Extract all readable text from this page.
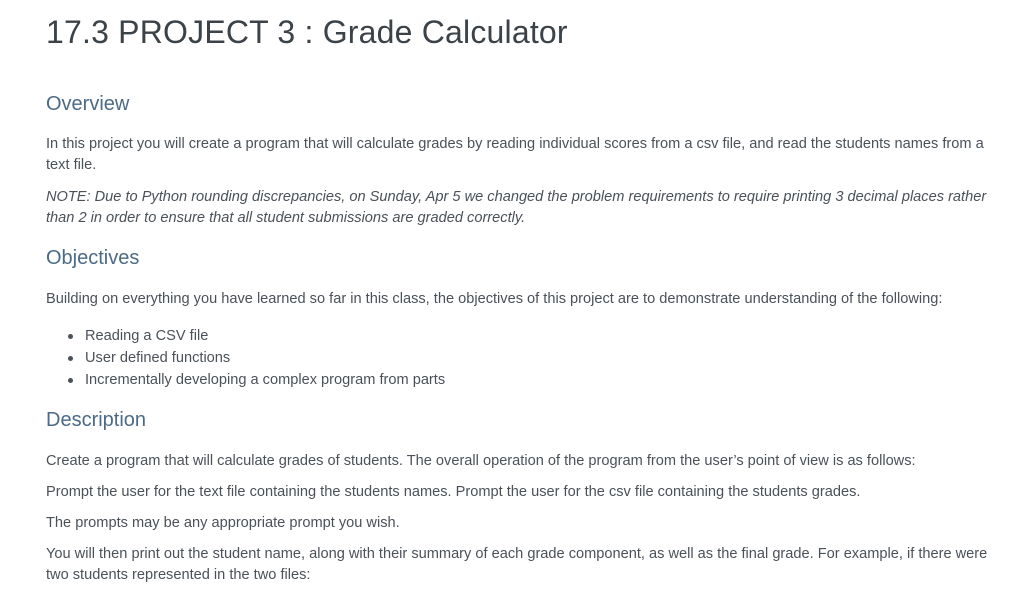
17.3 PROJECT 3 : Grade Calculator
Overview

In this project you will create a program that will calculate grades by reading individual scores from a csv file, and read the students names from a text file.

NOTE: Due to Python rounding discrepancies, on Sunday, Apr 5 we changed the problem requirements to require printing 3 decimal places rather than 2 in order to ensure that all student submissions are graded correctly.

Objectives

Building on everything you have learned so far in this class, the objectives of this project are to demonstrate understanding of the following:

Reading a CSV file
User defined functions
Incrementally developing a complex program from parts
Description

Create a program that will calculate grades of students. The overall operation of the program from the user’s point of view is as follows:

Prompt the user for the text file containing the students names. Prompt the user for the csv file containing the students grades.

The prompts may be any appropriate prompt you wish.

You will then print out the student name, along with their summary of each grade component, as well as the final grade. For example, if there were two students represented in the two files:
